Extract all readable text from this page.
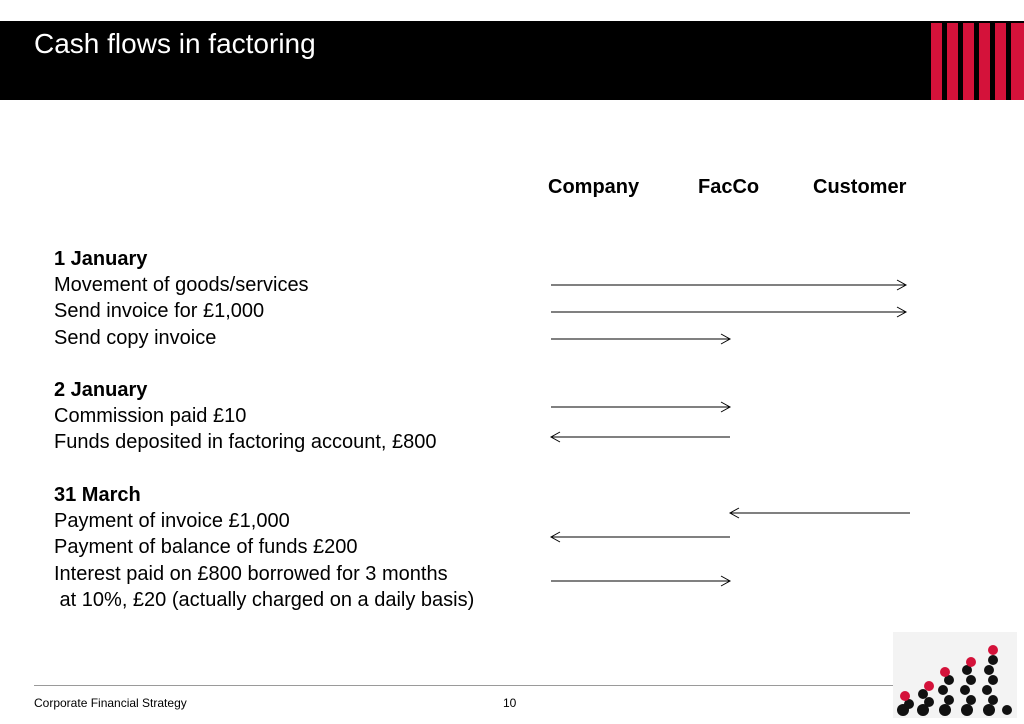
Cash flows in factoring
Company	FacCo	Customer
1 January
Movement of goods/services
Send invoice for £1,000
Send copy invoice
2 January
Commission paid £10
Funds deposited in factoring account, £800
31 March
Payment of invoice £1,000
Payment of balance of funds £200
Interest paid on £800 borrowed for 3 months
at 10%, £20 (actually charged on a daily basis)
Corporate Financial Strategy	10
